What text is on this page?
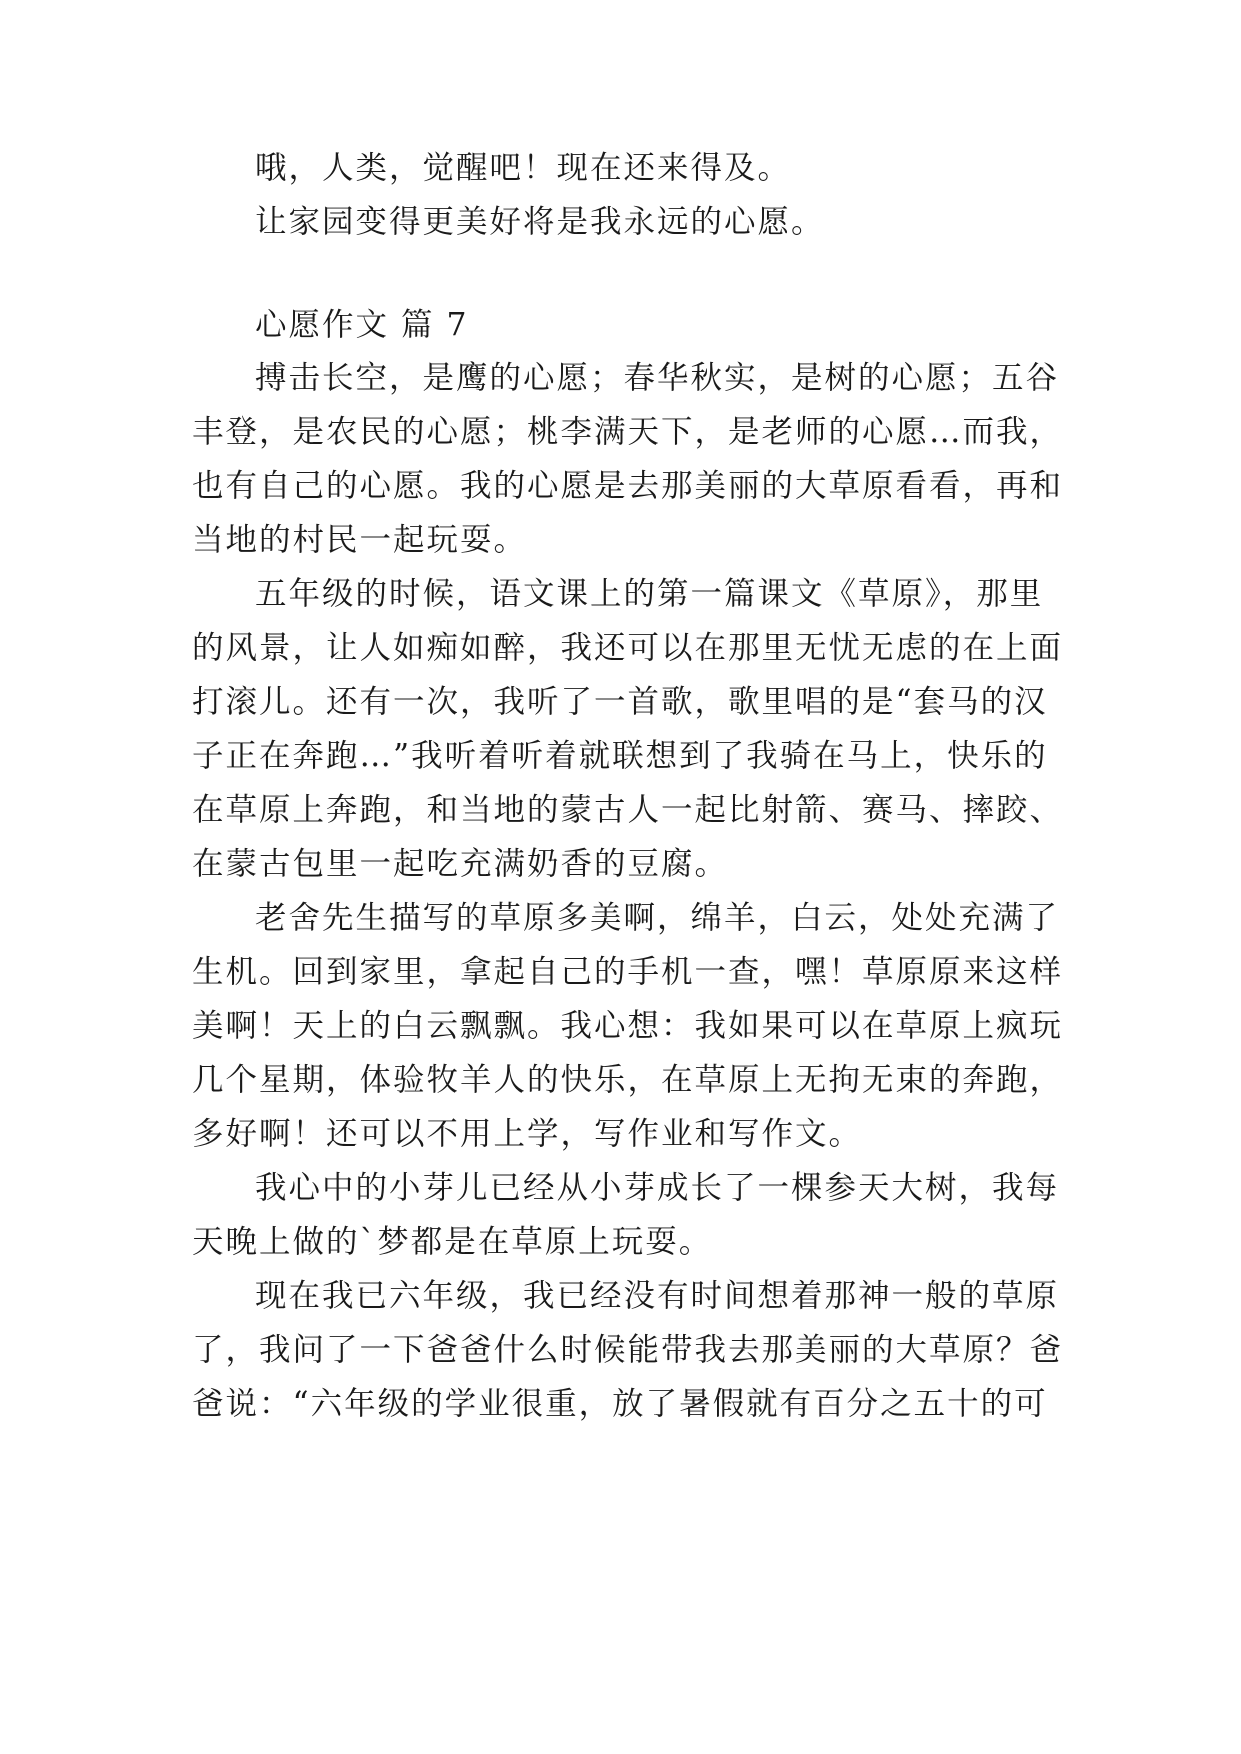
哦，人类，觉醒吧！现在还来得及。

让家园变得更美好将是我永远的心愿。

心愿作文 篇 7

搏击长空，是鹰的心愿；春华秋实，是树的心愿；五谷

丰登，是农民的心愿；桃李满天下，是老师的心愿…而我，

也有自己的心愿。我的心愿是去那美丽的大草原看看，再和

当地的村民一起玩耍。

五年级的时候，语文课上的第一篇课文《草原》，那里

的风景，让人如痴如醉，我还可以在那里无忧无虑的在上面

打滚儿。还有一次，我听了一首歌，歌里唱的是“套马的汉

子正在奔跑…”我听着听着就联想到了我骑在马上，快乐的

在草原上奔跑，和当地的蒙古人一起比射箭、赛马、摔跤、

在蒙古包里一起吃充满奶香的豆腐。

老舍先生描写的草原多美啊，绵羊，白云，处处充满了

生机。回到家里，拿起自己的手机一查，嘿！草原原来这样

美啊！天上的白云飘飘。我心想：我如果可以在草原上疯玩

几个星期，体验牧羊人的快乐，在草原上无拘无束的奔跑，

多好啊！还可以不用上学，写作业和写作文。

我心中的小芽儿已经从小芽成长了一棵参天大树，我每

天晚上做的`梦都是在草原上玩耍。

现在我已六年级，我已经没有时间想着那神一般的草原

了，我问了一下爸爸什么时候能带我去那美丽的大草原？爸

爸说：“六年级的学业很重，放了暑假就有百分之五十的可
